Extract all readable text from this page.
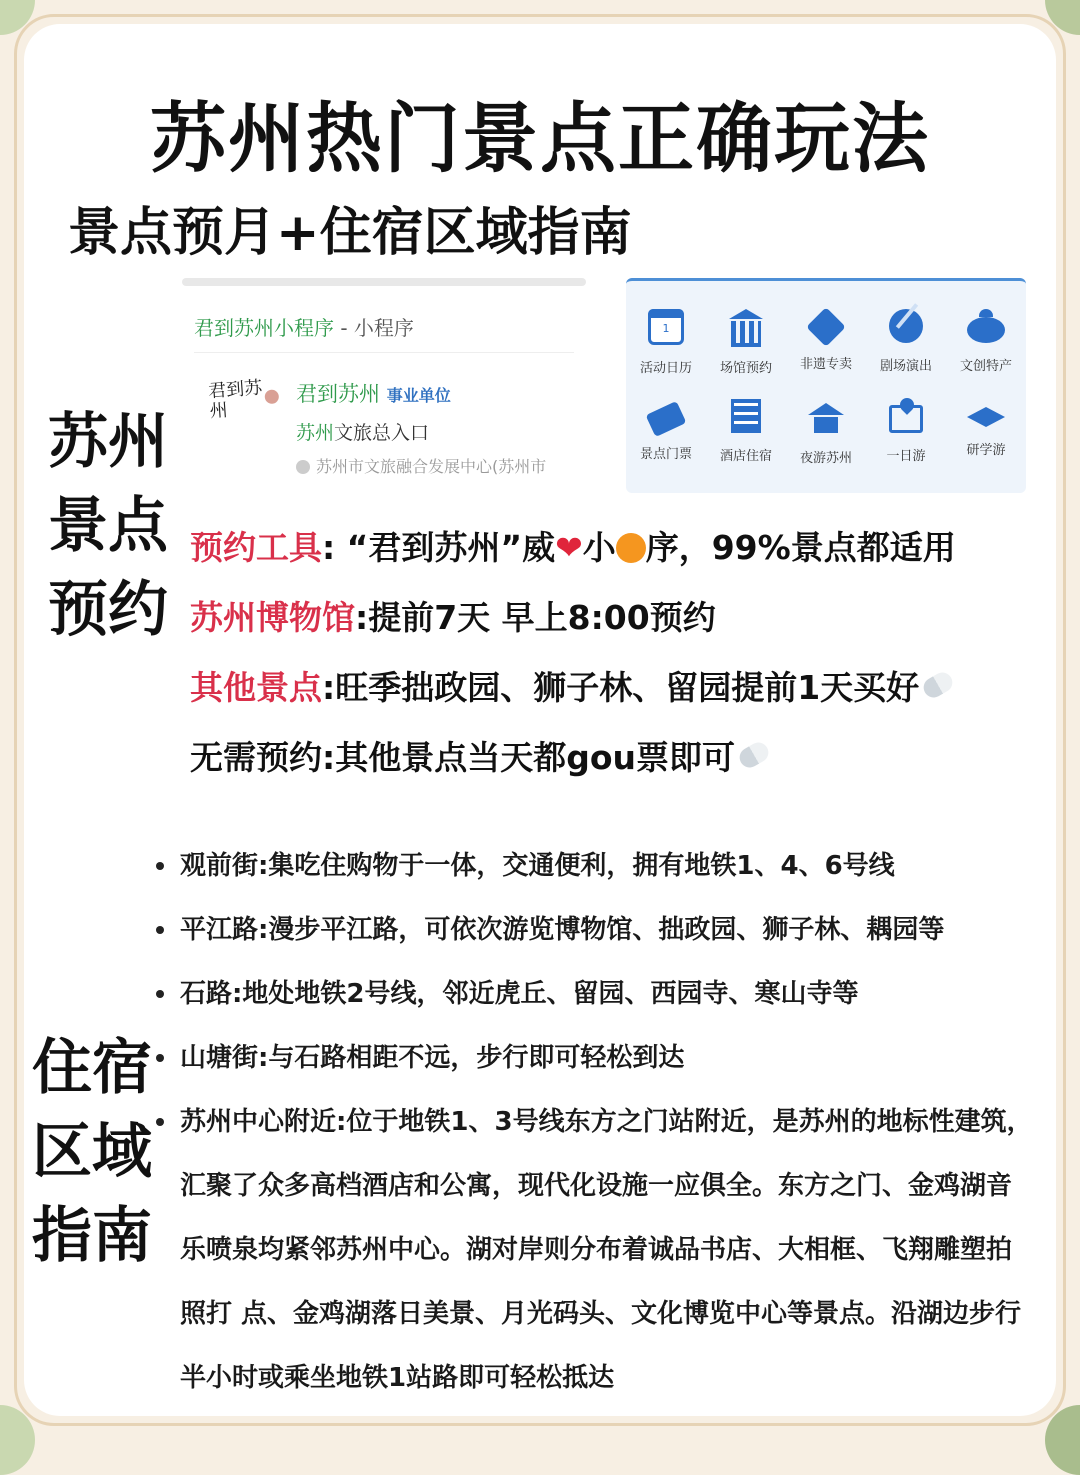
苏州热门景点正确玩法
景点预月+住宿区域指南
苏州
景点
预约
君到苏州小程序 - 小程序
君到苏州
君到苏州 事业单位
苏州文旅总入口
苏州市文旅融合发展中心(苏州市
1
活动日历	场馆预约	非遗专卖	剧场演出	文创特产
景点门票	酒店住宿	夜游苏州	一日游	研学游
预约工具: “君到苏州”威❤小 序，99%景点都适用
苏州博物馆:提前7天 早上8:00预约
其他景点:旺季拙政园、狮子林、留园提前1天买好
无需预约:其他景点当天都gou票即可
住宿
区域
指南
观前街:集吃住购物于一体，交通便利，拥有地铁1、4、6号线
平江路:漫步平江路，可依次游览博物馆、拙政园、狮子林、耦园等
石路:地处地铁2号线，邻近虎丘、留园、西园寺、寒山寺等
山塘街:与石路相距不远，步行即可轻松到达
苏州中心附近:位于地铁1、3号线东方之门站附近，是苏州的地标性建筑，汇聚了众多高档酒店和公寓，现代化设施一应俱全。东方之门、金鸡湖音乐喷泉均紧邻苏州中心。湖对岸则分布着诚品书店、大相框、飞翔雕塑拍照打 点、金鸡湖落日美景、月光码头、文化博览中心等景点。沿湖边步行半小时或乘坐地铁1站路即可轻松抵达
